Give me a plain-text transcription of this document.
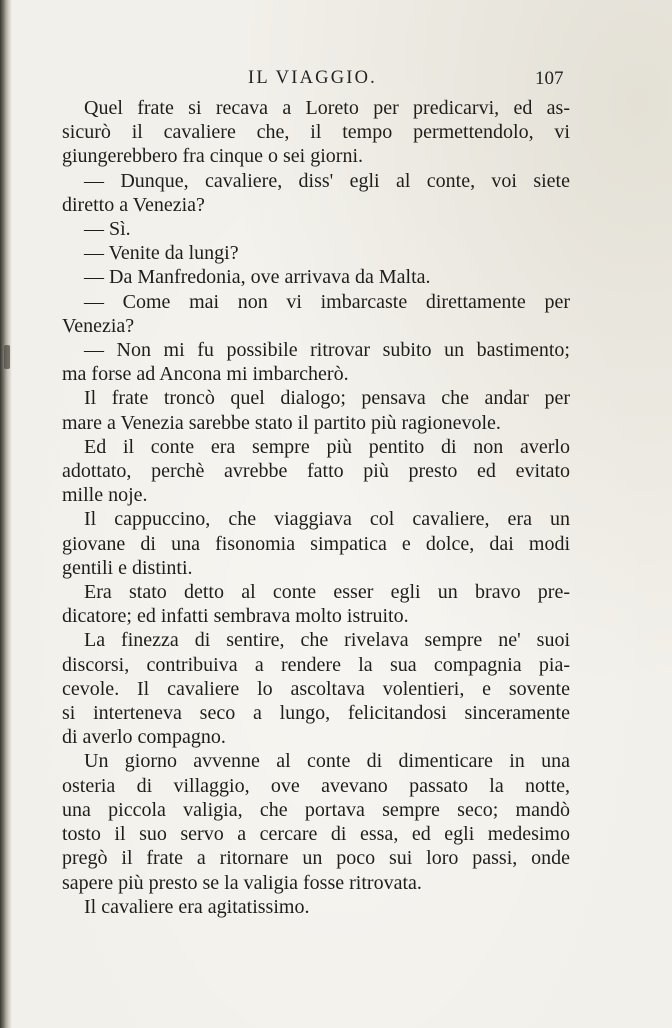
IL VIAGGIO.	107

Quel frate si recava a Loreto per predicarvi, ed as-

sicurò il cavaliere che, il tempo permettendolo, vi

giungerebbero fra cinque o sei giorni.

— Dunque, cavaliere, diss' egli al conte, voi siete

diretto a Venezia?

— Sì.

— Venite da lungi?

— Da Manfredonia, ove arrivava da Malta.

— Come mai non vi imbarcaste direttamente per

Venezia?

— Non mi fu possibile ritrovar subito un bastimento;

ma forse ad Ancona mi imbarcherò.

Il frate troncò quel dialogo; pensava che andar per

mare a Venezia sarebbe stato il partito più ragionevole.

Ed il conte era sempre più pentito di non averlo

adottato, perchè avrebbe fatto più presto ed evitato

mille noje.

Il cappuccino, che viaggiava col cavaliere, era un

giovane di una fisonomia simpatica e dolce, dai modi

gentili e distinti.

Era stato detto al conte esser egli un bravo pre-

dicatore; ed infatti sembrava molto istruito.

La finezza di sentire, che rivelava sempre ne' suoi

discorsi, contribuiva a rendere la sua compagnia pia-

cevole. Il cavaliere lo ascoltava volentieri, e sovente

si interteneva seco a lungo, felicitandosi sinceramente

di averlo compagno.

Un giorno avvenne al conte di dimenticare in una

osteria di villaggio, ove avevano passato la notte,

una piccola valigia, che portava sempre seco; mandò

tosto il suo servo a cercare di essa, ed egli medesimo

pregò il frate a ritornare un poco sui loro passi, onde

sapere più presto se la valigia fosse ritrovata.

Il cavaliere era agitatissimo.
